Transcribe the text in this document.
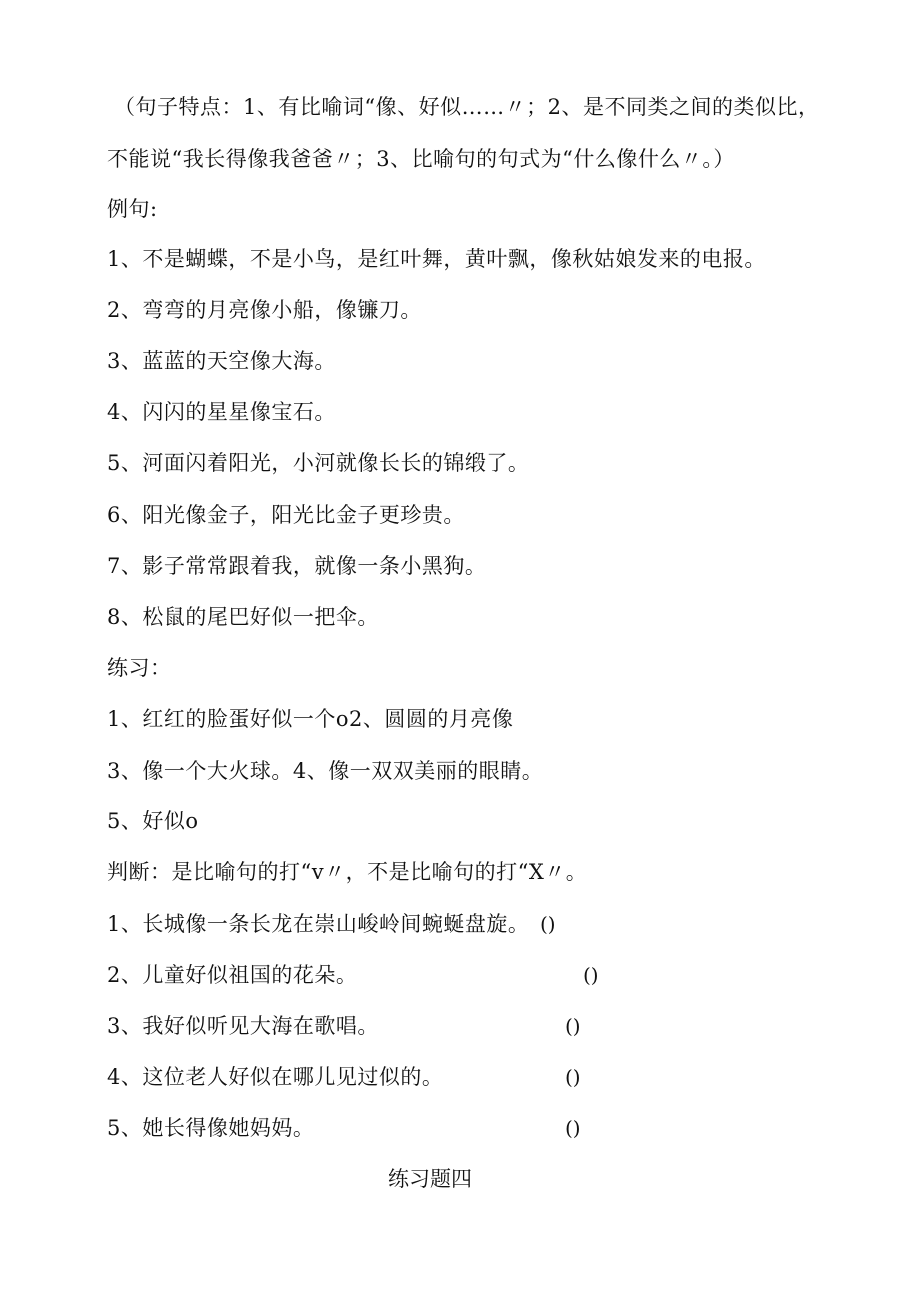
（句子特点：1、有比喻词“像、好似……〃；2、是不同类之间的类似比，
不能说“我长得像我爸爸〃；3、比喻句的句式为“什么像什么〃。）
例句:
1、不是蝴蝶，不是小鸟，是红叶舞，黄叶飘，像秋姑娘发来的电报。
2、弯弯的月亮像小船，像镰刀。
3、蓝蓝的天空像大海。
4、闪闪的星星像宝石。
5、河面闪着阳光，小河就像长长的锦缎了。
6、阳光像金子，阳光比金子更珍贵。
7、影子常常跟着我，就像一条小黑狗。
8、松鼠的尾巴好似一把伞。
练习：
1、红红的脸蛋好似一个o2、圆圆的月亮像
3、像一个大火球。4、像一双双美丽的眼睛。
5、好似o
判断：是比喻句的打“v〃，不是比喻句的打“X〃。
1、长城像一条长龙在崇山峻岭间蜿蜒盘旋。 ()
2、儿童好似祖国的花朵。	()
3、我好似听见大海在歌唱。	()
4、这位老人好似在哪儿见过似的。	()
5、她长得像她妈妈。	()
练习题四
